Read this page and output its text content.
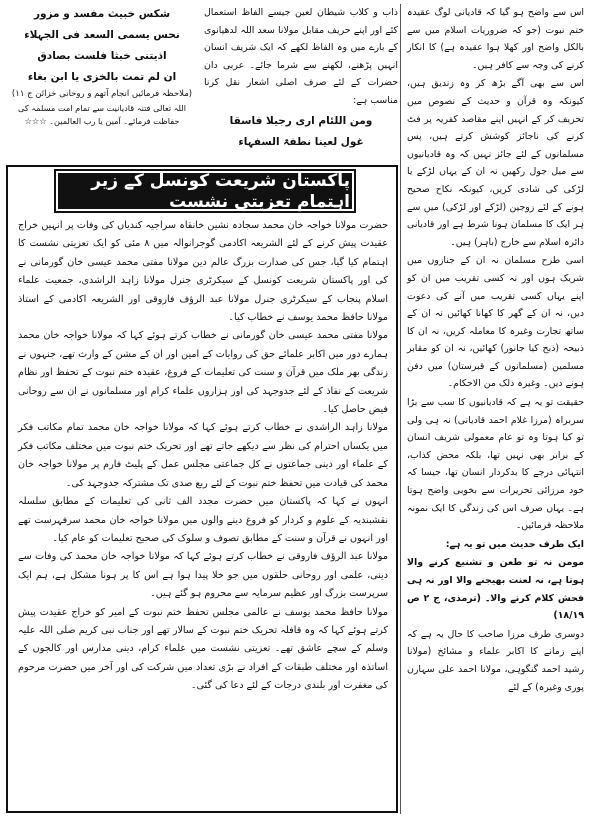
اس سے واضح ہو گیا کہ قادیانی لوگ عقیدہ ختم نبوت (جو کہ ضروریات اسلام میں سے بالکل واضح اور کھلا ہوا عقیدہ ہے) کا انکار کرنے کی وجہ سے کافر ہیں۔

اس سے بھی آگے بڑھ کر وہ زندیق ہیں، کیونکہ وہ قرآن و حدیث کے نصوص میں تحریف کر کے انہیں اپنے مقاصد کفریہ پر فٹ کرنے کی ناجائز کوشش کرتے ہیں، پس مسلمانوں کے لئے جائز نہیں کہ وہ قادیانیوں سے میل جول رکھیں نہ ان کے یہاں لڑکے یا لڑکی کی شادی کریں، کیونکہ نکاح صحیح ہونے کے لئے زوجین (لڑکے اور لڑکی) میں سے ہر ایک کا مسلمان ہونا شرط ہے اور قادیانی دائرہ اسلام سے خارج (باہر) ہیں۔

اسی طرح مسلمان نہ ان کے جنازوں میں شریک ہوں اور نہ کسی تقریب میں ان کو اپنے یہاں کسی تقریب میں آنے کی دعوت دیں، نہ ان کے گھر کا کھانا کھائیں نہ ان کے ساتھ تجارت وغیرہ کا معاملہ کریں، نہ ان کا ذبیحہ (ذبح کیا جانور) کھائیں، نہ ان کو مقابر مسلمین (مسلمانوں کے قبرستان) میں دفن ہونے دیں۔ وغیرہ ذلک من الاحکام۔

حقیقت تو یہ ہے کہ قادیانیوں کا سب سے بڑا سربراہ (مرزا غلام احمد قادیانی) نہ ہی ولی تو کیا ہوتا وہ تو عام معمولی شریف انسان کے برابر بھی نہیں تھا، بلکہ محض کذاب، انتہائی درجے کا بدکردار انسان تھا، جیسا کہ خود مرزائی تحریرات سے بخوبی واضح ہوتا ہے۔ یہاں صرف اس کی زندگی کا ایک نمونہ ملاحظہ فرمائیں۔

ایک طرف حدیث میں تو یہ ہے:

مومن نہ تو طعن و تشنیع کرنے والا ہوتا ہے، نہ لعنت بھیجنے والا اور نہ ہی فحش کلام کرنے والا۔ (ترمذی، ج ۲ ص ۱۸/۱۹)

دوسری طرف مرزا صاحب کا حال یہ ہے کہ اپنے زمانے کا اکابر علماء و مشائخ (مولانا رشید احمد گنگوہی، مولانا احمد علی سہارن پوری وغیرہ) کے لئے

ذاب و کلاب شیطان لعین جیسے الفاظ استعمال کئے اور اپنے حریف مقابل مولانا سعد اللہ لدھیانوی کے بارے میں وہ الفاظ لکھے کہ ایک شریف انسان انہیں پڑھنے، لکھنے سے شرما جائے۔ عربی دان حضرات کے لئے صرف اصلی اشعار نقل کرنا مناسب ہے:

ومن اللئام اری رجیلا فاسقا

غول لعینا نطفۃ السفہاء

شکس خبیث مفسد و مزور

نحس یسمی السعد فی الجہلاء

اذیتنی خبثا فلست بصادق

ان لم تمت بالخزی یا ابن بغاء

(ملاحظہ فرمائیں انجام آتھم و روحانی خزائن ج ۱۱)

اللہ تعالی فتنہ قادیانیت سے تمام امت مسلمہ کی حفاظت فرمائے۔ آمین یا رب العالمین۔ ☆☆☆

پاکستان شریعت کونسل کے زیر اہتمام تعزیتی نشست

حضرت مولانا خواجہ خان محمد سجادہ نشین خانقاہ سراجیہ کندیاں کی وفات پر انہیں خراج عقیدت پیش کرنے کے لئے الشریعہ اکادمی گوجرانوالہ میں ۸ مئی کو ایک تعزیتی نشست کا اہتمام کیا گیا، جس کی صدارت بزرگ عالم دین مولانا مفتی محمد عیسی خان گورمانی نے کی اور پاکستان شریعت کونسل کے سیکرٹری جنرل مولانا زاہد الراشدی، جمعیت علماء اسلام پنجاب کے سیکرٹری جنرل مولانا عبد الرؤف فاروقی اور الشریعہ اکادمی کے استاذ مولانا حافظ محمد یوسف نے خطاب کیا۔

مولانا مفتی محمد عیسی خان گورمانی نے خطاب کرتے ہوئے کہا کہ مولانا خواجہ خان محمد ہمارے دور میں اکابر علمائے حق کی روایات کے امین اور ان کے مشن کے وارث تھے، جنہوں نے زندگی بھر ملک میں قرآن و سنت کی تعلیمات کے فروغ، عقیدہ ختم نبوت کے تحفظ اور نظام شریعت کے نفاذ کے لئے جدوجہد کی اور ہزاروں علماء کرام اور مسلمانوں نے ان سے روحانی فیض حاصل کیا۔

مولانا زاہد الراشدی نے خطاب کرتے ہوئے کہا کہ مولانا خواجہ خان محمد تمام مکاتب فکر میں یکساں احترام کی نظر سے دیکھے جاتے تھے اور تحریک ختم نبوت میں مختلف مکاتب فکر کے علماء اور دینی جماعتوں نے کل جماعتی مجلس عمل کے پلیٹ فارم پر مولانا خواجہ خان محمد کی قیادت میں تحفظ ختم نبوت کے لئے ربع صدی تک مشترکہ جدوجہد کی۔

انہوں نے کہا کہ پاکستان میں حضرت مجدد الف ثانی کی تعلیمات کے مطابق سلسلہ نقشبندیہ کے علوم و کردار کو فروغ دینے والوں میں مولانا خواجہ خان محمد سرفہرست تھے اور انہوں نے قرآن و سنت کے مطابق تصوف و سلوک کی صحیح تعلیمات کو عام کیا۔

مولانا عبد الرؤف فاروقی نے خطاب کرتے ہوئے کہا کہ مولانا خواجہ خان محمد کی وفات سے دینی، علمی اور روحانی حلقوں میں جو خلا پیدا ہوا ہے اس کا پر ہونا مشکل ہے، ہم ایک سرپرست بزرگ اور عظیم سرمایہ سے محروم ہو گئے ہیں۔

مولانا حافظ محمد یوسف نے عالمی مجلس تحفظ ختم نبوت کے امیر کو خراج عقیدت پیش کرتے ہوئے کہا کہ وہ قافلہ تحریک ختم نبوت کے سالار تھے اور جناب نبی کریم صلی اللہ علیہ وسلم کے سچے عاشق تھے۔ تعزیتی نشست میں علماء کرام، دینی مدارس اور کالجوں کے اساتذہ اور مختلف طبقات کے افراد نے بڑی تعداد میں شرکت کی اور آخر میں حضرت مرحوم کی مغفرت اور بلندی درجات کے لئے دعا کی گئی۔
